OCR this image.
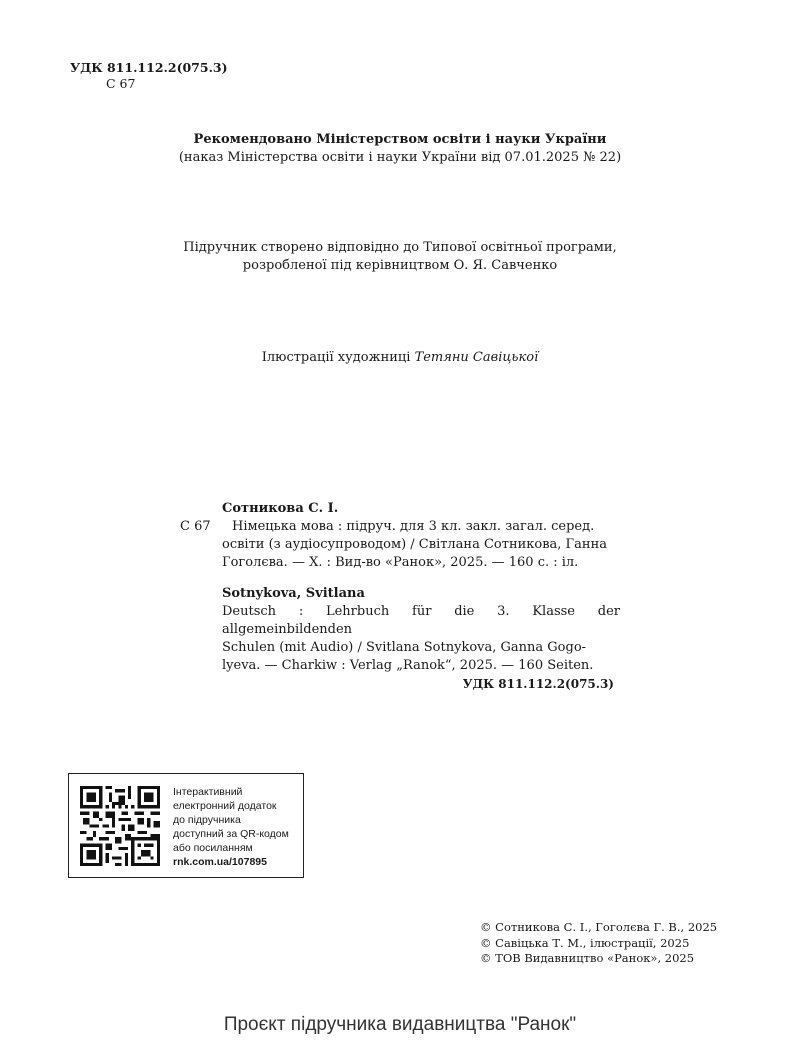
УДК 811.112.2(075.3)
С 67
Рекомендовано Міністерством освіти і науки України
(наказ Міністерства освіти і науки України від 07.01.2025 № 22)
Підручник створено відповідно до Типової освітньої програми,
розробленої під керівництвом О. Я. Савченко
Ілюстрації художниці Тетяни Савіцької
Сотникова С. І.
С 67	Німецька мова : підруч. для 3 кл. закл. загал. серед.
освіти (з аудіосупроводом) / Світлана Сотникова, Ганна
Гоголєва. — Х. : Вид-во «Ранок», 2025. — 160 с. : іл.
Sotnykova, Svitlana
Deutsch : Lehrbuch für die 3. Klasse der allgemeinbildenden
Schulen (mit Audio) / Svitlana Sotnykova, Ganna Gogo-
lyeva. — Charkiw : Verlag „Ranok“, 2025. — 160 Seiten.
УДК 811.112.2(075.3)
Інтерактивний
електронний додаток
до підручника
доступний за QR-кодом
або посиланням
rnk.com.ua/107895
© Сотникова С. І., Гоголєва Г. В., 2025
© Савіцька Т. М., ілюстрації, 2025
© ТОВ Видавництво «Ранок», 2025
Проєкт підручника видавництва "Ранок"
